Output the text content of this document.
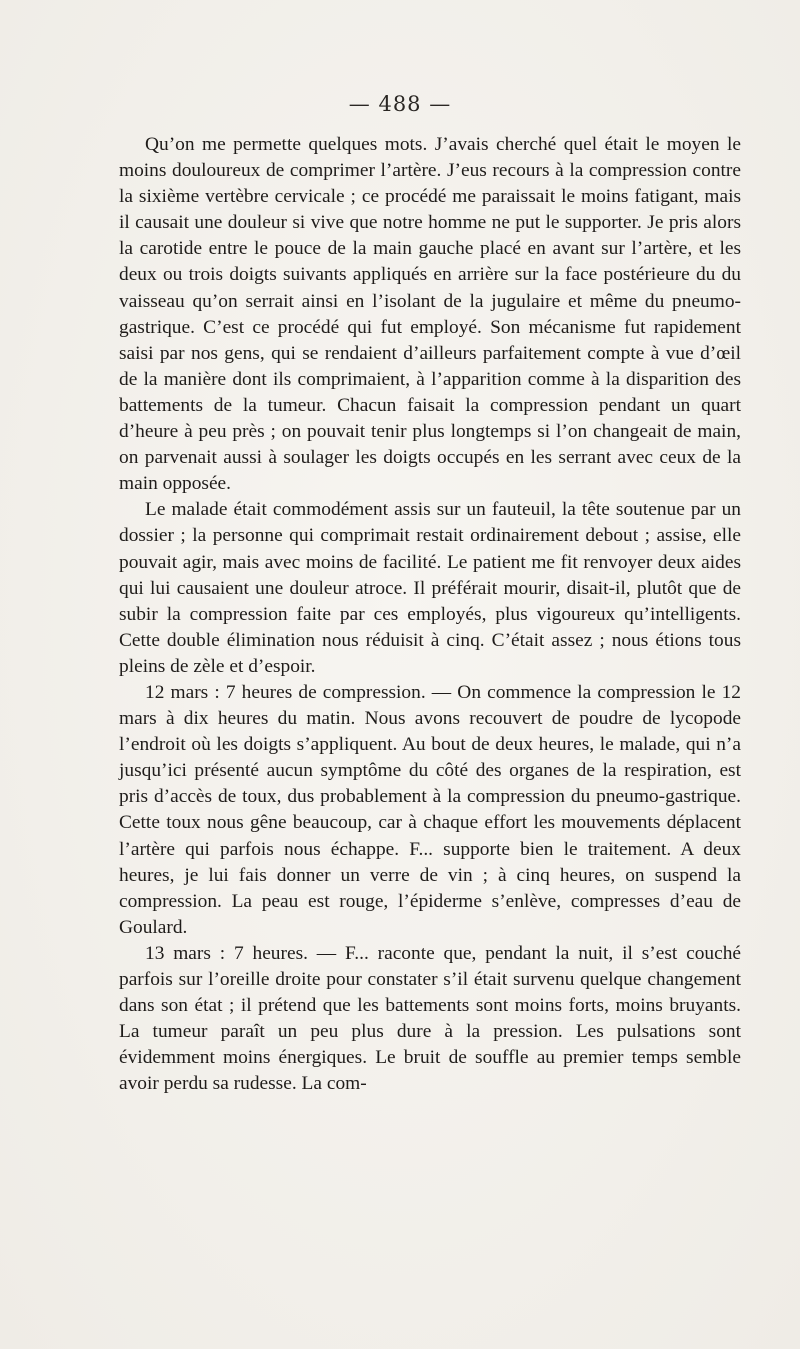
— 488 —

Qu’on me permette quelques mots. J’avais cherché quel était le moyen le moins douloureux de comprimer l’artère. J’eus recours à la compression contre la sixième vertèbre cervicale ; ce procédé me paraissait le moins fatigant, mais il causait une douleur si vive que notre homme ne put le supporter. Je pris alors la carotide entre le pouce de la main gauche placé en avant sur l’artère, et les deux ou trois doigts suivants appliqués en arrière sur la face postérieure du du vaisseau qu’on serrait ainsi en l’isolant de la jugulaire et même du pneumo-gastrique. C’est ce procédé qui fut employé. Son mécanisme fut rapidement saisi par nos gens, qui se rendaient d’ailleurs parfaitement compte à vue d’œil de la manière dont ils comprimaient, à l’apparition comme à la disparition des battements de la tumeur. Chacun faisait la compression pendant un quart d’heure à peu près ; on pouvait tenir plus longtemps si l’on changeait de main, on parvenait aussi à soulager les doigts occupés en les serrant avec ceux de la main opposée.

Le malade était commodément assis sur un fauteuil, la tête soutenue par un dossier ; la personne qui comprimait restait ordinairement debout ; assise, elle pouvait agir, mais avec moins de facilité. Le patient me fit renvoyer deux aides qui lui causaient une douleur atroce. Il préférait mourir, disait-il, plutôt que de subir la compression faite par ces employés, plus vigoureux qu’intelligents. Cette double élimination nous réduisit à cinq. C’était assez ; nous étions tous pleins de zèle et d’espoir.

12 mars : 7 heures de compression. — On commence la compression le 12 mars à dix heures du matin. Nous avons recouvert de poudre de lycopode l’endroit où les doigts s’appliquent. Au bout de deux heures, le malade, qui n’a jusqu’ici présenté aucun symptôme du côté des organes de la respiration, est pris d’accès de toux, dus probablement à la compression du pneumo-gastrique. Cette toux nous gêne beaucoup, car à chaque effort les mouvements déplacent l’artère qui parfois nous échappe. F... supporte bien le traitement. A deux heures, je lui fais donner un verre de vin ; à cinq heures, on suspend la compression. La peau est rouge, l’épiderme s’enlève, compresses d’eau de Goulard.

13 mars : 7 heures. — F... raconte que, pendant la nuit, il s’est couché parfois sur l’oreille droite pour constater s’il était survenu quelque changement dans son état ; il prétend que les battements sont moins forts, moins bruyants. La tumeur paraît un peu plus dure à la pression. Les pulsations sont évidemment moins énergiques. Le bruit de souffle au premier temps semble avoir perdu sa rudesse. La com-
